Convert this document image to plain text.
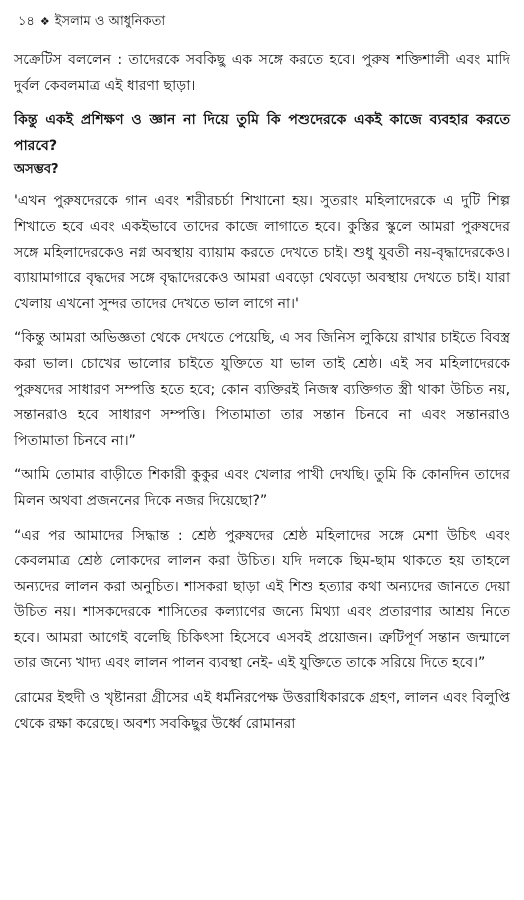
১৪ ❖ ইসলাম ও আধুনিকতা

সক্রেটিস বললেন : তাদেরকে সবকিছু এক সঙ্গে করতে হবে। পুরুষ শক্তিশালী এবং মাদি দুর্বল কেবলমাত্র এই ধারণা ছাড়া।

কিন্তু একই প্রশিক্ষণ ও জ্ঞান না দিয়ে তুমি কি পশুদেরকে একই কাজে ব্যবহার করতে পারবে?

অসম্ভব?

'এখন পুরুষদেরকে গান এবং শরীরচর্চা শিখানো হয়। সুতরাং মহিলাদেরকে এ দুটি শিল্প শিখাতে হবে এবং একইভাবে তাদের কাজে লাগাতে হবে। কুস্তির স্কুলে আমরা পুরুষদের সঙ্গে মহিলাদেরকেও নগ্ন অবস্থায় ব্যায়াম করতে দেখতে চাই। শুধু যুবতী নয়-বৃদ্ধাদেরকেও। ব্যায়ামাগারে বৃদ্ধদের সঙ্গে বৃদ্ধাদেরকেও আমরা এবড়ো থেবড়ো অবস্থায় দেখতে চাই। যারা খেলায় এখনো সুন্দর তাদের দেখতে ভাল লাগে না।'

“কিন্তু আমরা অভিজ্ঞতা থেকে দেখতে পেয়েছি, এ সব জিনিস লুকিয়ে রাখার চাইতে বিবস্ত্র করা ভাল। চোখের ভালোর চাইতে যুক্তিতে যা ভাল তাই শ্রেষ্ঠ। এই সব মহিলাদেরকে পুরুষদের সাধারণ সম্পত্তি হতে হবে; কোন ব্যক্তিরই নিজস্ব ব্যক্তিগত স্ত্রী থাকা উচিত নয়, সন্তানরাও হবে সাধারণ সম্পত্তি। পিতামাতা তার সন্তান চিনবে না এবং সন্তানরাও পিতামাতা চিনবে না।”

“আমি তোমার বাড়ীতে শিকারী কুকুর এবং খেলার পাখী দেখছি। তুমি কি কোনদিন তাদের মিলন অথবা প্রজননের দিকে নজর দিয়েছো?”

“এর পর আমাদের সিদ্ধান্ত : শ্রেষ্ঠ পুরুষদের শ্রেষ্ঠ মহিলাদের সঙ্গে মেশা উচিৎ এবং কেবলমাত্র শ্রেষ্ঠ লোকদের লালন করা উচিত। যদি দলকে ছিম-ছাম থাকতে হয় তাহলে অন্যদের লালন করা অনুচিত। শাসকরা ছাড়া এই শিশু হত্যার কথা অন্যদের জানতে দেয়া উচিত নয়। শাসকদেরকে শাসিতের কল্যাণের জন্যে মিথ্যা এবং প্রতারণার আশ্রয় নিতে হবে। আমরা আগেই বলেছি চিকিৎসা হিসেবে এসবই প্রয়োজন। ত্রুটিপূর্ণ সন্তান জন্মালে তার জন্যে খাদ্য এবং লালন পালন ব্যবস্থা নেই- এই যুক্তিতে তাকে সরিয়ে দিতে হবে।”

রোমের ইহুদী ও খৃষ্টানরা গ্রীসের এই ধর্মনিরপেক্ষ উত্তরাধিকারকে গ্রহণ, লালন এবং বিলুপ্তি থেকে রক্ষা করেছে। অবশ্য সবকিছুর উর্ধ্বে রোমানরা
